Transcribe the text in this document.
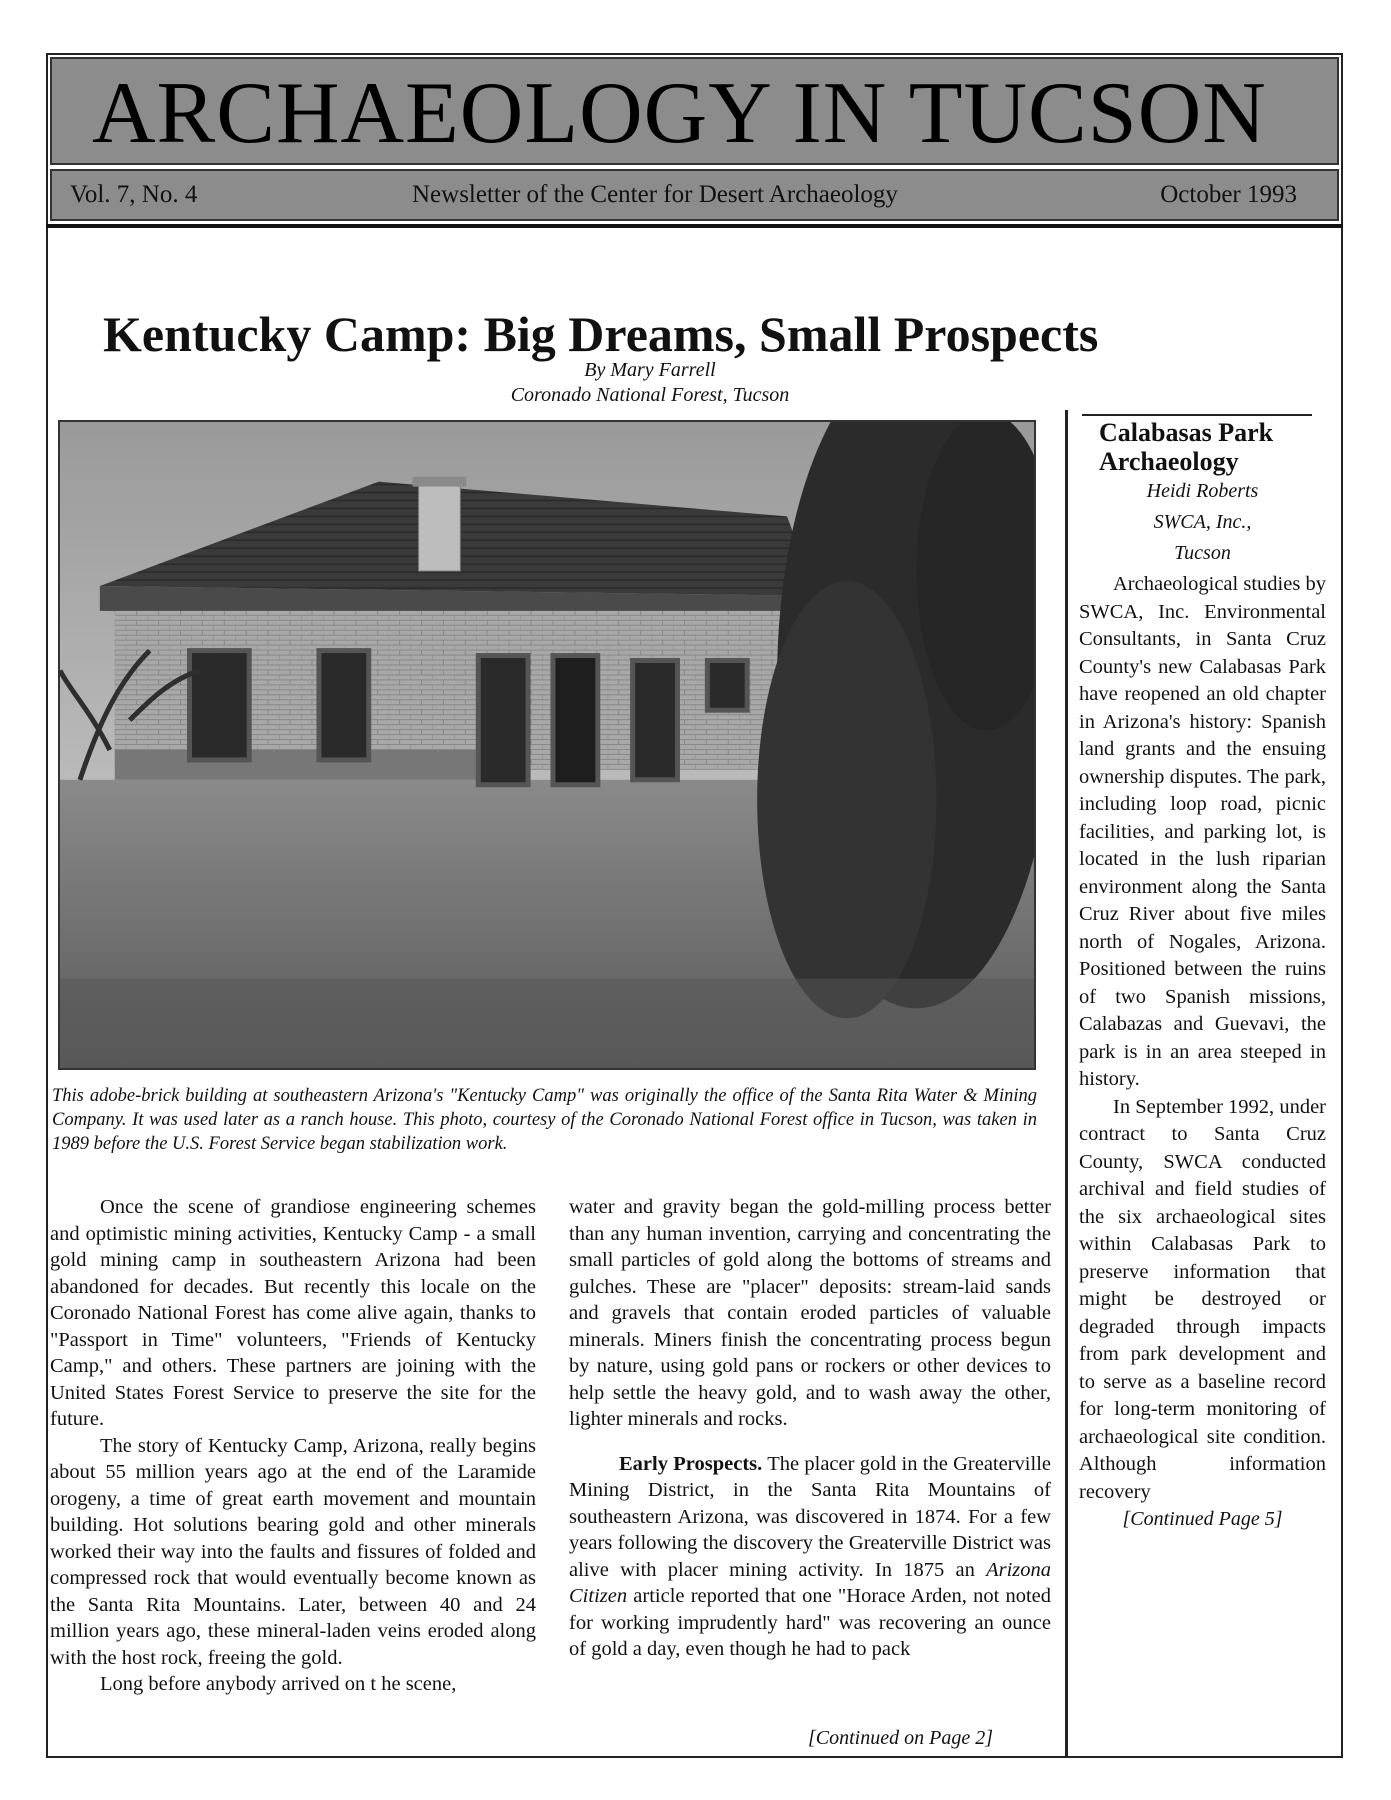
ARCHAEOLOGY IN TUCSON
Vol. 7, No. 4	Newsletter of the Center for Desert Archaeology	October 1993
Kentucky Camp: Big Dreams, Small Prospects
By Mary Farrell
Coronado National Forest, Tucson
This adobe-brick building at southeastern Arizona's "Kentucky Camp" was originally the office of the Santa Rita Water & Mining Company. It was used later as a ranch house. This photo, courtesy of the Coronado National Forest office in Tucson, was taken in 1989 before the U.S. Forest Service began stabilization work.

Once the scene of grandiose engineering schemes and optimistic mining activities, Kentucky Camp - a small gold mining camp in southeastern Arizona had been abandoned for decades. But recently this locale on the Coronado National Forest has come alive again, thanks to "Passport in Time" volunteers, "Friends of Kentucky Camp," and others. These partners are joining with the United States Forest Service to preserve the site for the future.

The story of Kentucky Camp, Arizona, really begins about 55 million years ago at the end of the Laramide orogeny, a time of great earth movement and mountain building. Hot solutions bearing gold and other minerals worked their way into the faults and fissures of folded and compressed rock that would eventually become known as the Santa Rita Mountains. Later, between 40 and 24 million years ago, these mineral-laden veins eroded along with the host rock, freeing the gold.

Long before anybody arrived on t he scene,

water and gravity began the gold-milling process better than any human invention, carrying and concentrating the small particles of gold along the bottoms of streams and gulches. These are "placer" deposits: stream-laid sands and gravels that contain eroded particles of valuable minerals. Miners finish the concentrating process begun by nature, using gold pans or rockers or other devices to help settle the heavy gold, and to wash away the other, lighter minerals and rocks.

Early Prospects. The placer gold in the Greaterville Mining District, in the Santa Rita Mountains of southeastern Arizona, was discovered in 1874. For a few years following the discovery the Greaterville District was alive with placer mining activity. In 1875 an Arizona Citizen article reported that one "Horace Arden, not noted for working imprudently hard" was recovering an ounce of gold a day, even though he had to pack

[Continued on Page 2]
Calabasas Park
Archaeology
Heidi Roberts
SWCA, Inc.,
Tucson

Archaeological studies by SWCA, Inc. Environmental Consultants, in Santa Cruz County's new Calabasas Park have reopened an old chapter in Arizona's history: Spanish land grants and the ensuing ownership disputes. The park, including loop road, picnic facilities, and parking lot, is located in the lush riparian environment along the Santa Cruz River about five miles north of Nogales, Arizona. Positioned between the ruins of two Spanish missions, Calabazas and Guevavi, the park is in an area steeped in history.

In September 1992, under contract to Santa Cruz County, SWCA conducted archival and field studies of the six archaeological sites within Calabasas Park to preserve information that might be destroyed or degraded through impacts from park development and to serve as a baseline record for long-term monitoring of archaeological site condition. Although information recovery

[Continued Page 5]
